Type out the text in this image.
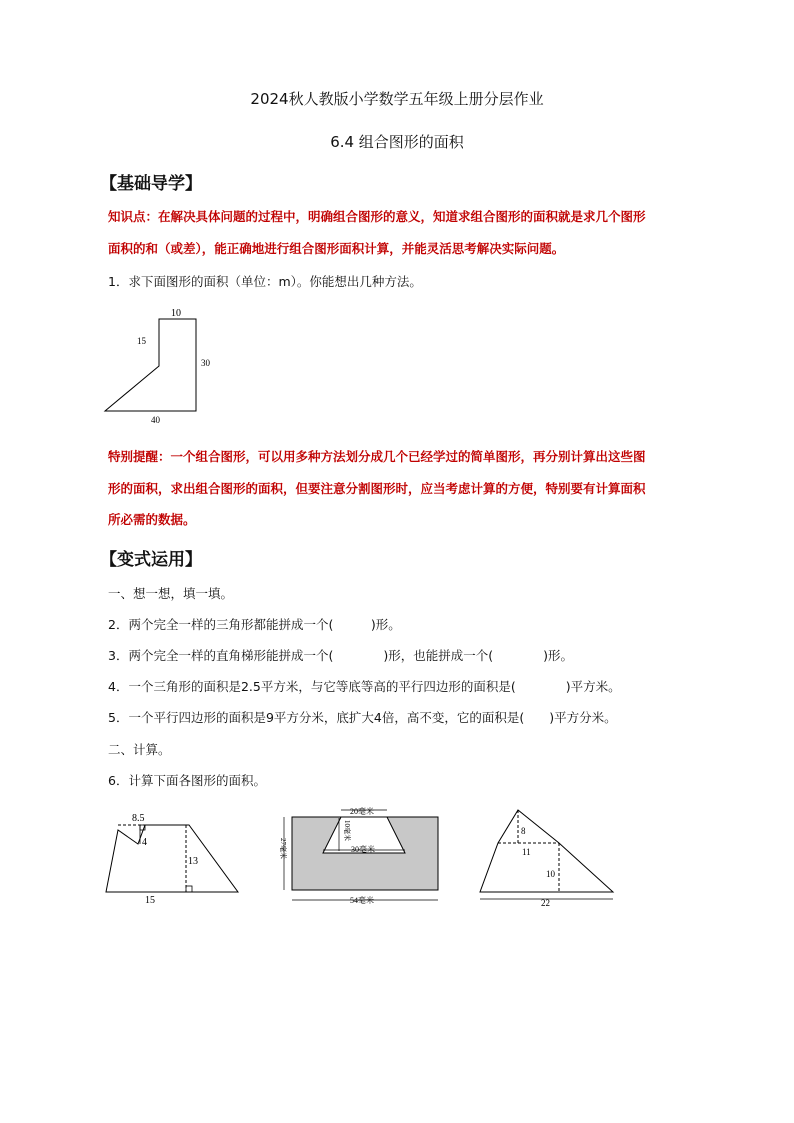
2024秋人教版小学数学五年级上册分层作业
6.4 组合图形的面积
【基础导学】
知识点：在解决具体问题的过程中，明确组合图形的意义，知道求组合图形的面积就是求几个图形
面积的和（或差），能正确地进行组合图形面积计算，并能灵活思考解决实际问题。
1．求下面图形的面积（单位：m）。你能想出几种方法。
10
15
30
40
特别提醒：一个组合图形，可以用多种方法划分成几个已经学过的简单图形，再分别计算出这些图
形的面积，求出组合图形的面积，但要注意分割图形时，应当考虑计算的方便，特别要有计算面积
所必需的数据。
【变式运用】
一、想一想，填一填。
2．两个完全一样的三角形都能拼成一个(　　　)形。
3．两个完全一样的直角梯形能拼成一个(　　　　)形，也能拼成一个(　　　　)形。
4．一个三角形的面积是2.5平方米，与它等底等高的平行四边形的面积是(　　　　)平方米。
5．一个平行四边形的面积是9平方分米，底扩大4倍，高不变，它的面积是(　　)平方分米。
二、计算。
6．计算下面各图形的面积。
8.5
4
13
15
20毫米
10毫米
30毫米
27毫米
54毫米
8
11
10
22
